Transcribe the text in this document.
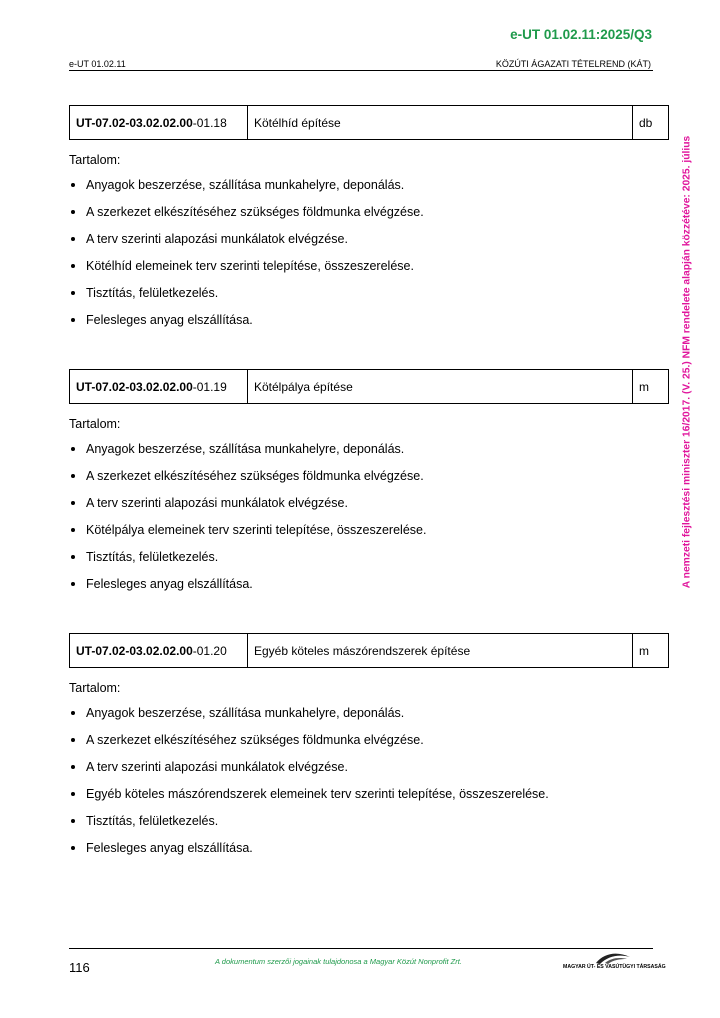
e-UT 01.02.11:2025/Q3
e-UT 01.02.11	KÖZÚTI ÁGAZATI TÉTELREND (KÁT)
A nemzeti fejlesztési miniszter 16/2017. (V. 25.) NFM rendelete alapján közzétéve: 2025. július
UT-07.02-03.02.02.00-01.18	Kötélhíd építése	db
Tartalom:
Anyagok beszerzése, szállítása munkahelyre, deponálás.
A szerkezet elkészítéséhez szükséges földmunka elvégzése.
A terv szerinti alapozási munkálatok elvégzése.
Kötélhíd elemeinek terv szerinti telepítése, összeszerelése.
Tisztítás, felületkezelés.
Felesleges anyag elszállítása.
UT-07.02-03.02.02.00-01.19	Kötélpálya építése	m
Tartalom:
Anyagok beszerzése, szállítása munkahelyre, deponálás.
A szerkezet elkészítéséhez szükséges földmunka elvégzése.
A terv szerinti alapozási munkálatok elvégzése.
Kötélpálya elemeinek terv szerinti telepítése, összeszerelése.
Tisztítás, felületkezelés.
Felesleges anyag elszállítása.
UT-07.02-03.02.02.00-01.20	Egyéb köteles mászórendszerek építése	m
Tartalom:
Anyagok beszerzése, szállítása munkahelyre, deponálás.
A szerkezet elkészítéséhez szükséges földmunka elvégzése.
A terv szerinti alapozási munkálatok elvégzése.
Egyéb köteles mászórendszerek elemeinek terv szerinti telepítése, összeszerelése.
Tisztítás, felületkezelés.
Felesleges anyag elszállítása.
116	A dokumentum szerzői jogainak tulajdonosa a Magyar Közút Nonprofit Zrt.
MAGYAR ÚT- ÉS VASÚTÜGYI TÁRSASÁG
